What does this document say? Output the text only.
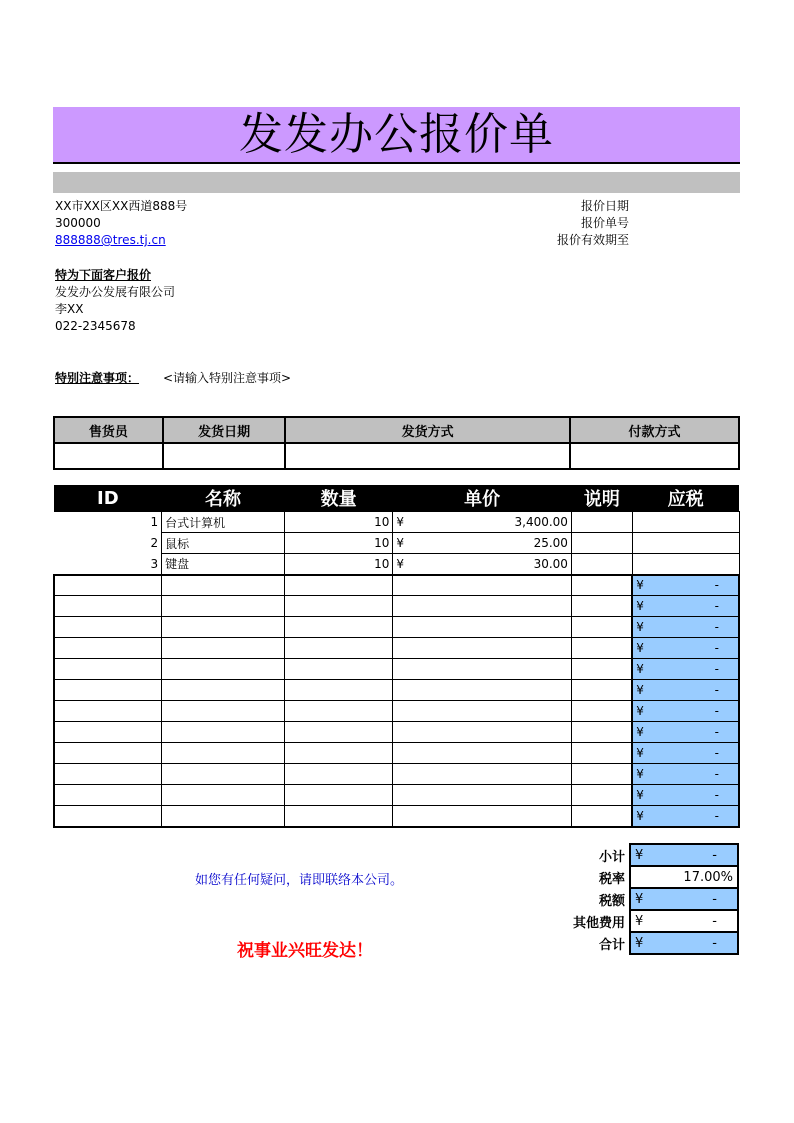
发发办公报价单
XX市XX区XX西道888号
300000
888888@tres.tj.cn
报价日期
报价单号
报价有效期至
特为下面客户报价
发发办公发展有限公司
李XX
022-2345678
特别注意事项： <请输入特别注意事项>
售货员	发货日期	发货方式	付款方式

ID	名称	数量	单价	说明	应税
1	台式计算机	10	¥ 3,400.00		

2	鼠标	10	¥ 25.00		

3	键盘	10	¥ 30.00		

					¥ -

					¥ -

					¥ -

					¥ -

					¥ -

					¥ -

					¥ -

					¥ -

					¥ -

					¥ -

					¥ -

					¥ -
如您有任何疑问，请即联络本公司。
祝事业兴旺发达！
小计	¥ -

税率	17.00%
税额	¥ -

其他费用	¥ -

合计	¥ -
